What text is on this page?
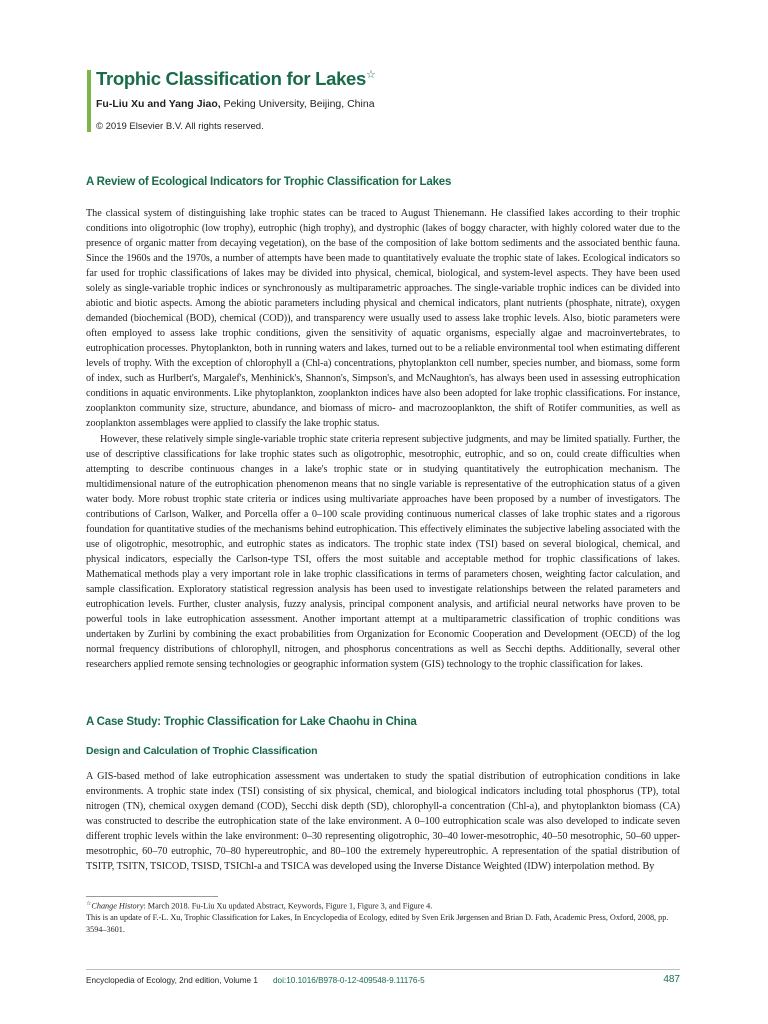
Trophic Classification for Lakes☆
Fu-Liu Xu and Yang Jiao, Peking University, Beijing, China
© 2019 Elsevier B.V. All rights reserved.
A Review of Ecological Indicators for Trophic Classification for Lakes

The classical system of distinguishing lake trophic states can be traced to August Thienemann. He classified lakes according to their trophic conditions into oligotrophic (low trophy), eutrophic (high trophy), and dystrophic (lakes of boggy character, with highly colored water due to the presence of organic matter from decaying vegetation), on the base of the composition of lake bottom sediments and the associated benthic fauna. Since the 1960s and the 1970s, a number of attempts have been made to quantitatively evaluate the trophic state of lakes. Ecological indicators so far used for trophic classifications of lakes may be divided into physical, chemical, biological, and system-level aspects. They have been used solely as single-variable trophic indices or synchronously as multiparametric approaches. The single-variable trophic indices can be divided into abiotic and biotic aspects. Among the abiotic parameters including physical and chemical indicators, plant nutrients (phosphate, nitrate), oxygen demanded (biochemical (BOD), chemical (COD)), and transparency were usually used to assess lake trophic levels. Also, biotic parameters were often employed to assess lake trophic conditions, given the sensitivity of aquatic organisms, especially algae and macroinvertebrates, to eutrophication processes. Phytoplankton, both in running waters and lakes, turned out to be a reliable environmental tool when estimating different levels of trophy. With the exception of chlorophyll a (Chl-a) concentrations, phytoplankton cell number, species number, and biomass, some form of index, such as Hurlbert's, Margalef's, Menhinick's, Shannon's, Simpson's, and McNaughton's, has always been used in assessing eutrophication conditions in aquatic environments. Like phytoplankton, zooplankton indices have also been adopted for lake trophic classifications. For instance, zooplankton community size, structure, abundance, and biomass of micro- and macrozooplankton, the shift of Rotifer communities, as well as zooplankton assemblages were applied to classify the lake trophic status.

However, these relatively simple single-variable trophic state criteria represent subjective judgments, and may be limited spatially. Further, the use of descriptive classifications for lake trophic states such as oligotrophic, mesotrophic, eutrophic, and so on, could create difficulties when attempting to describe continuous changes in a lake's trophic state or in studying quantitatively the eutrophication mechanism. The multidimensional nature of the eutrophication phenomenon means that no single variable is representative of the eutrophication status of a given water body. More robust trophic state criteria or indices using multivariate approaches have been proposed by a number of investigators. The contributions of Carlson, Walker, and Porcella offer a 0–100 scale providing continuous numerical classes of lake trophic states and a rigorous foundation for quantitative studies of the mechanisms behind eutrophication. This effectively eliminates the subjective labeling associated with the use of oligotrophic, mesotrophic, and eutrophic states as indicators. The trophic state index (TSI) based on several biological, chemical, and physical indicators, especially the Carlson-type TSI, offers the most suitable and acceptable method for trophic classifications of lakes. Mathematical methods play a very important role in lake trophic classifications in terms of parameters chosen, weighting factor calculation, and sample classification. Exploratory statistical regression analysis has been used to investigate relationships between the related parameters and eutrophication levels. Further, cluster analysis, fuzzy analysis, principal component analysis, and artificial neural networks have proven to be powerful tools in lake eutrophication assessment. Another important attempt at a multiparametric classification of trophic conditions was undertaken by Zurlini by combining the exact probabilities from Organization for Economic Cooperation and Development (OECD) of the log normal frequency distributions of chlorophyll, nitrogen, and phosphorus concentrations as well as Secchi depths. Additionally, several other researchers applied remote sensing technologies or geographic information system (GIS) technology to the trophic classification for lakes.

A Case Study: Trophic Classification for Lake Chaohu in China
Design and Calculation of Trophic Classification

A GIS-based method of lake eutrophication assessment was undertaken to study the spatial distribution of eutrophication conditions in lake environments. A trophic state index (TSI) consisting of six physical, chemical, and biological indicators including total phosphorus (TP), total nitrogen (TN), chemical oxygen demand (COD), Secchi disk depth (SD), chlorophyll-a concentration (Chl-a), and phytoplankton biomass (CA) was constructed to describe the eutrophication state of the lake environment. A 0–100 eutrophication scale was also developed to indicate seven different trophic levels within the lake environment: 0–30 representing oligotrophic, 30–40 lower-mesotrophic, 40–50 mesotrophic, 50–60 upper-mesotrophic, 60–70 eutrophic, 70–80 hypereutrophic, and 80–100 the extremely hypereutrophic. A representation of the spatial distribution of TSITP, TSITN, TSICOD, TSISD, TSIChl-a and TSICA was developed using the Inverse Distance Weighted (IDW) interpolation method. By

☆Change History: March 2018. Fu-Liu Xu updated Abstract, Keywords, Figure 1, Figure 3, and Figure 4.

This is an update of F.-L. Xu, Trophic Classification for Lakes, In Encyclopedia of Ecology, edited by Sven Erik Jørgensen and Brian D. Fath, Academic Press, Oxford, 2008, pp. 3594–3601.

Encyclopedia of Ecology, 2nd edition, Volume 1 doi:10.1016/B978-0-12-409548-9.11176-5	487
